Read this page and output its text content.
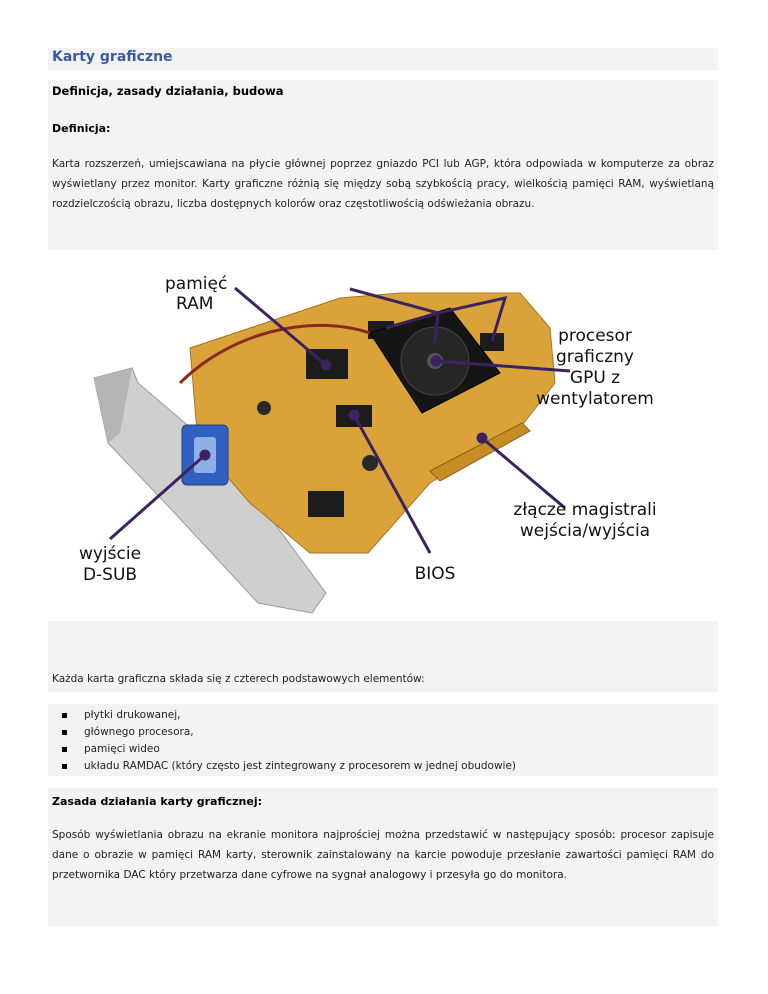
Karty graficzne
Definicja, zasady działania, budowa
Definicja:
Karta rozszerzeń, umiejscawiana na płycie głównej poprzez gniazdo PCI lub AGP, która odpowiada w komputerze za obraz wyświetlany przez monitor. Karty graficzne różnią się między sobą szybkością pracy, wielkością pamięci RAM, wyświetlaną rozdzielczością obrazu, liczba dostępnych kolorów oraz częstotliwością odświeżania obrazu.
pamięć
RAM
procesor
graficzny
GPU z
wentylatorem
złącze magistrali
wejścia/wyjścia
wyjście
D-SUB	BIOS
Każda karta graficzna składa się z czterech podstawowych elementów:
płytki drukowanej,
głównego procesora,
pamięci wideo
układu RAMDAC (który często jest zintegrowany z procesorem w jednej obudowie)
Zasada działania karty graficznej:
Sposób wyświetlania obrazu na ekranie monitora najprościej można przedstawić w następujący sposób: procesor zapisuje dane o obrazie w pamięci RAM karty, sterownik zainstalowany na karcie powoduje przesłanie zawartości pamięci RAM do przetwornika DAC który przetwarza dane cyfrowe na sygnał analogowy i przesyła go do monitora.
